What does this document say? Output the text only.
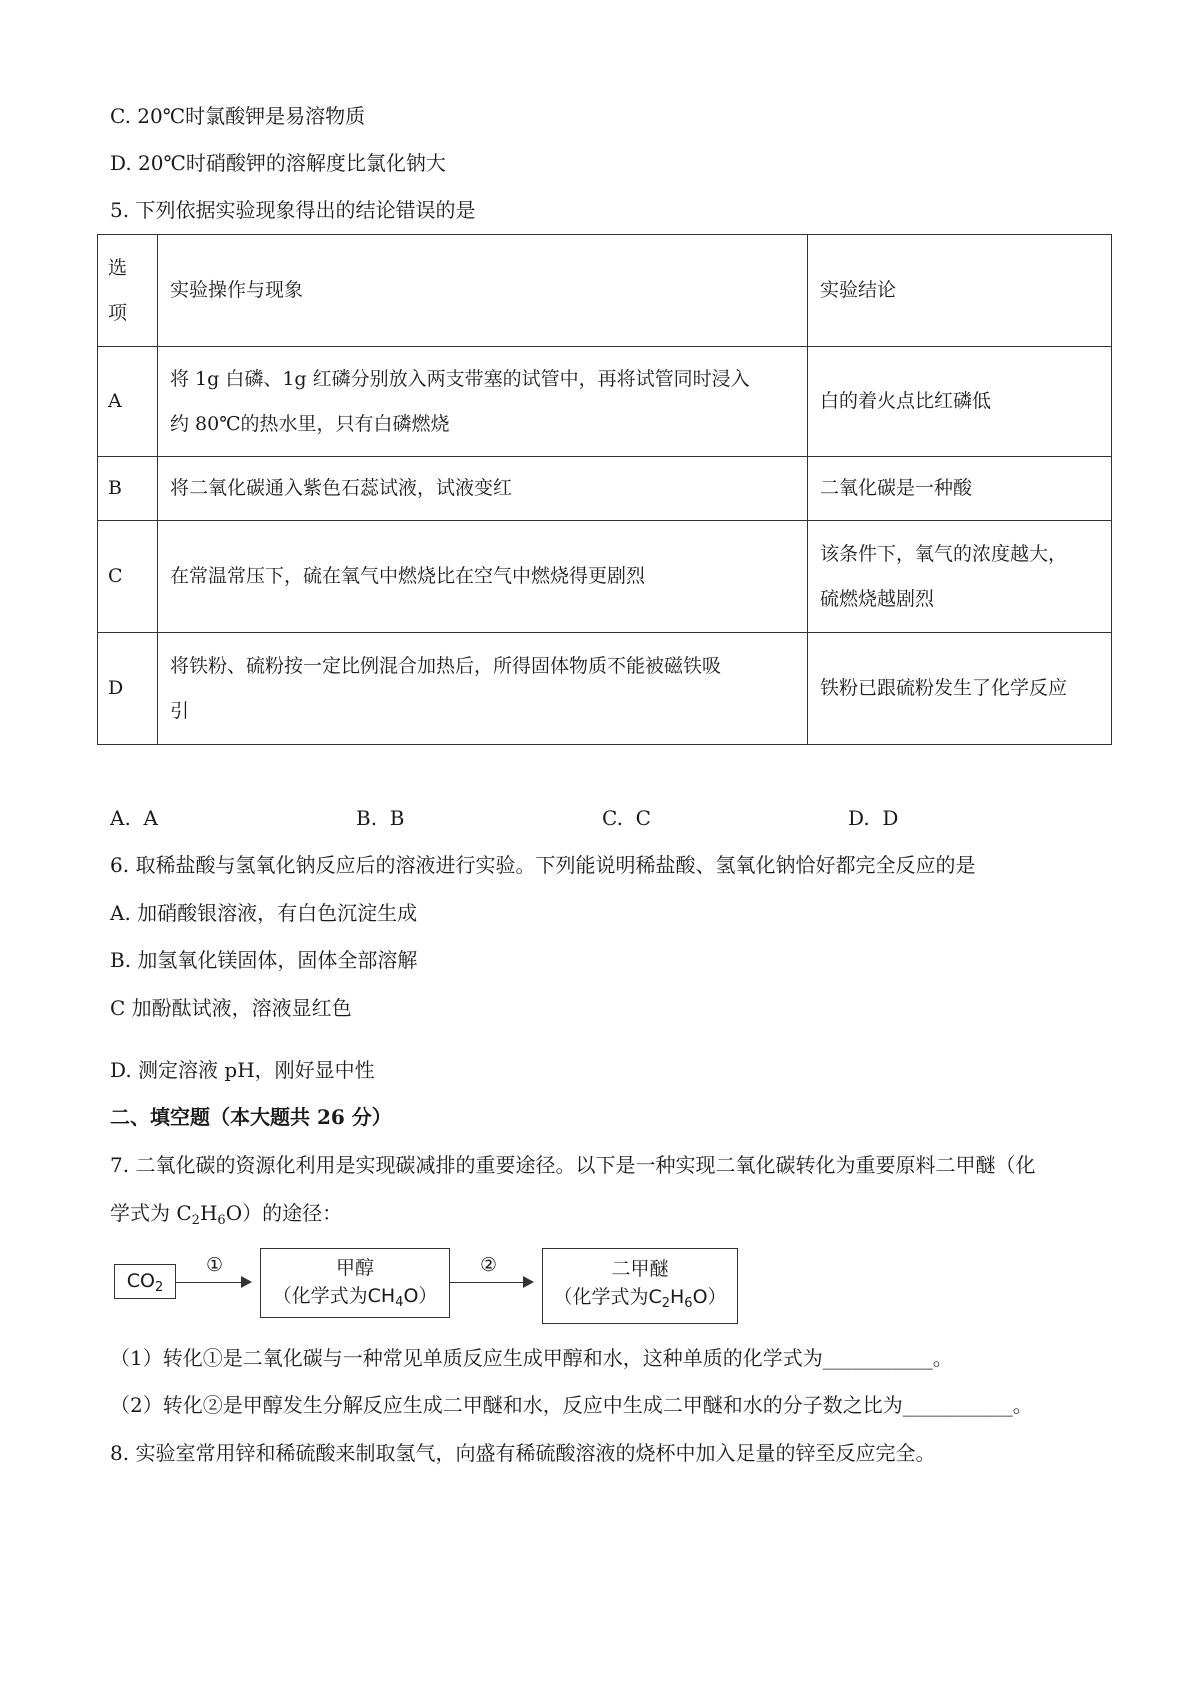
C. 20℃时氯酸钾是易溶物质
D. 20℃时硝酸钾的溶解度比氯化钠大
5. 下列依据实验现象得出的结论错误的是
选
项	实验操作与现象	实验结论
A	将 1g 白磷、1g 红磷分别放入两支带塞的试管中，再将试管同时浸入
约 80℃的热水里，只有白磷燃烧	白的着火点比红磷低

B	将二氧化碳通入紫色石蕊试液，试液变红	二氧化碳是一种酸
C	在常温常压下，硫在氧气中燃烧比在空气中燃烧得更剧烈	该条件下，氧气的浓度越大，
硫燃烧越剧烈

D	将铁粉、硫粉按一定比例混合加热后，所得固体物质不能被磁铁吸
引	铁粉已跟硫粉发生了化学反应
A. A	B. B	C. C	D. D
6. 取稀盐酸与氢氧化钠反应后的溶液进行实验。下列能说明稀盐酸、氢氧化钠恰好都完全反应的是
A. 加硝酸银溶液，有白色沉淀生成
B. 加氢氧化镁固体，固体全部溶解
C 加酚酞试液，溶液显红色
D. 测定溶液 pH，刚好显中性
二、填空题（本大题共 26 分）
7. 二氧化碳的资源化利用是实现碳减排的重要途径。以下是一种实现二氧化碳转化为重要原料二甲醚（化
学式为 $C_2H_6O$）的途径：
$CO_2$
①	甲醇
（化学式为$CH_4O$）
②	二甲醚
（化学式为$C_2H_6O$）
（1）转化①是二氧化碳与一种常见单质反应生成甲醇和水，这种单质的化学式为___________。
（2）转化②是甲醇发生分解反应生成二甲醚和水，反应中生成二甲醚和水的分子数之比为___________。
8. 实验室常用锌和稀硫酸来制取氢气，向盛有稀硫酸溶液的烧杯中加入足量的锌至反应完全。
